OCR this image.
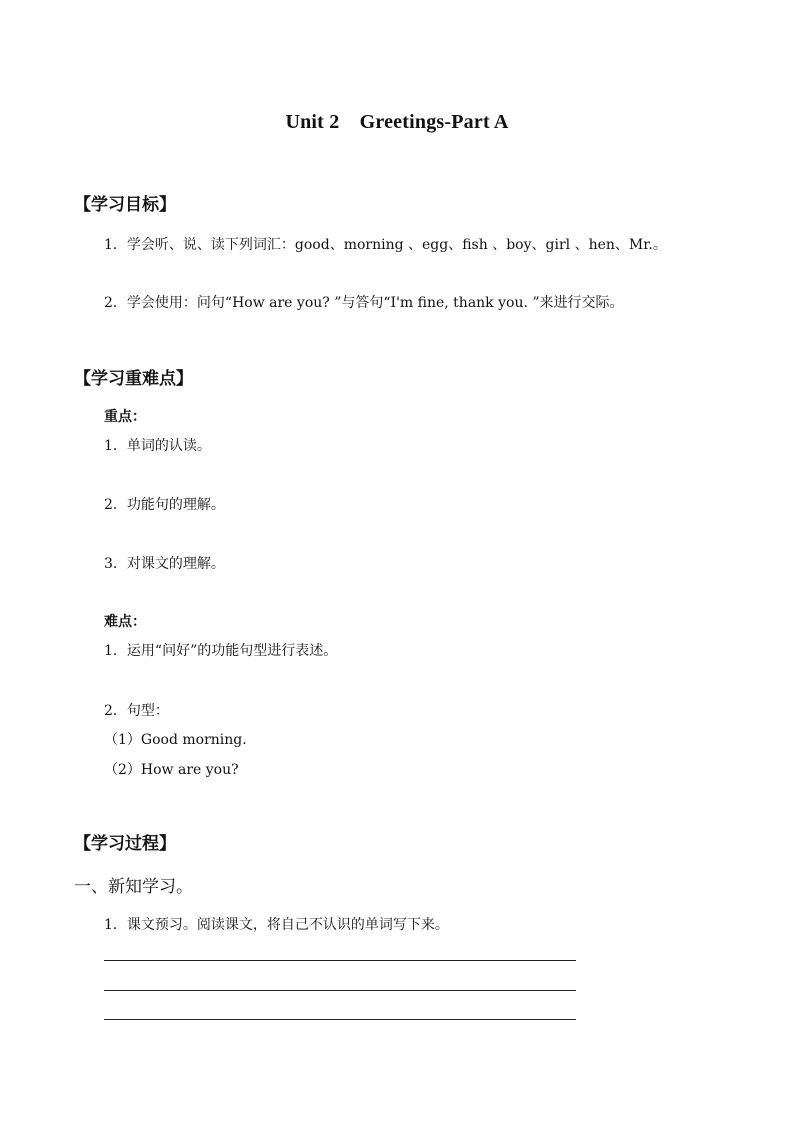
Unit 2　Greetings-Part A
【学习目标】
1．学会听、说、读下列词汇：good、morning 、egg、fish 、boy、girl 、hen、Mr.。
2．学会使用：问句“How are you? ”与答句“I'm fine, thank you. ”来进行交际。
【学习重难点】
重点：
1．单词的认读。
2．功能句的理解。
3．对课文的理解。
难点：
1．运用“问好”的功能句型进行表述。
2．句型：
（1）Good morning.
（2）How are you?
【学习过程】
一、新知学习。
1．课文预习。阅读课文，将自己不认识的单词写下来。
